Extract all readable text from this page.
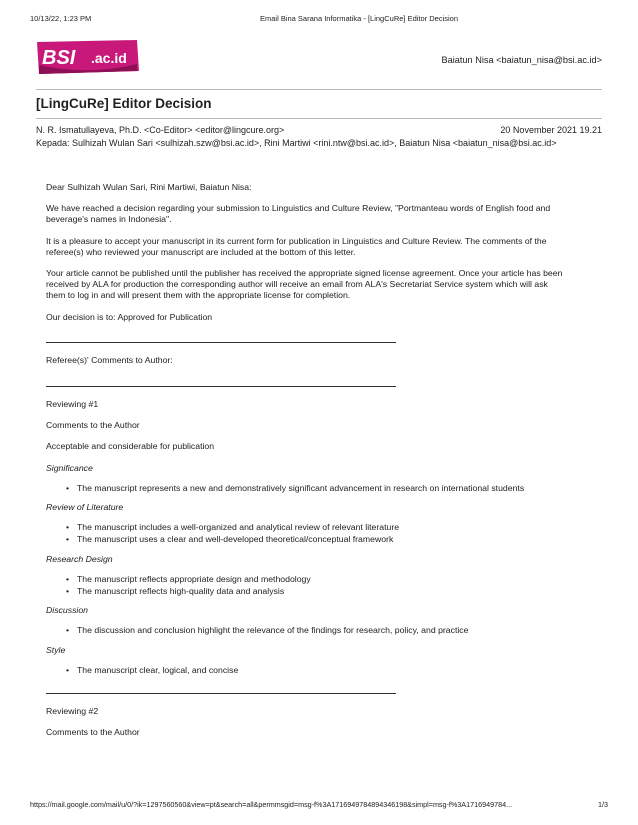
10/13/22, 1:23 PM	Email Bina Sarana Informatika - [LingCuRe] Editor Decision
BSI .ac.id	Baiatun Nisa <baiatun_nisa@bsi.ac.id>
[LingCuRe] Editor Decision
N. R. Ismatullayeva, Ph.D. <Co-Editor> <editor@lingcure.org>	20 November 2021 19.21
Kepada: Sulhizah Wulan Sari <sulhizah.szw@bsi.ac.id>, Rini Martiwi <rini.ntw@bsi.ac.id>, Baiatun Nisa <baiatun_nisa@bsi.ac.id>

Dear Sulhizah Wulan Sari, Rini Martiwi, Baiatun Nisa:

We have reached a decision regarding your submission to Linguistics and Culture Review, "Portmanteau words of English food and beverage's names in Indonesia".

It is a pleasure to accept your manuscript in its current form for publication in Linguistics and Culture Review. The comments of the referee(s) who reviewed your manuscript are included at the bottom of this letter.

Your article cannot be published until the publisher has received the appropriate signed license agreement. Once your article has been received by ALA for production the corresponding author will receive an email from ALA's Secretariat Service system which will ask them to log in and will present them with the appropriate license for completion.

Our decision is to: Approved for Publication

Referee(s)' Comments to Author:

Reviewing #1

Comments to the Author

Acceptable and considerable for publication

Significance
• The manuscript represents a new and demonstratively significant advancement in research on international students
Review of Literature
• The manuscript includes a well-organized and analytical review of relevant literature
• The manuscript uses a clear and well-developed theoretical/conceptual framework
Research Design
• The manuscript reflects appropriate design and methodology
• The manuscript reflects high-quality data and analysis
Discussion
• The discussion and conclusion highlight the relevance of the findings for research, policy, and practice
Style
• The manuscript clear, logical, and concise

Reviewing #2

Comments to the Author

https://mail.google.com/mail/u/0/?ik=1297560560&view=pt&search=all&permmsgid=msg-f%3A1716949784894346198&simpl=msg-f%3A1716949784...	1/3
